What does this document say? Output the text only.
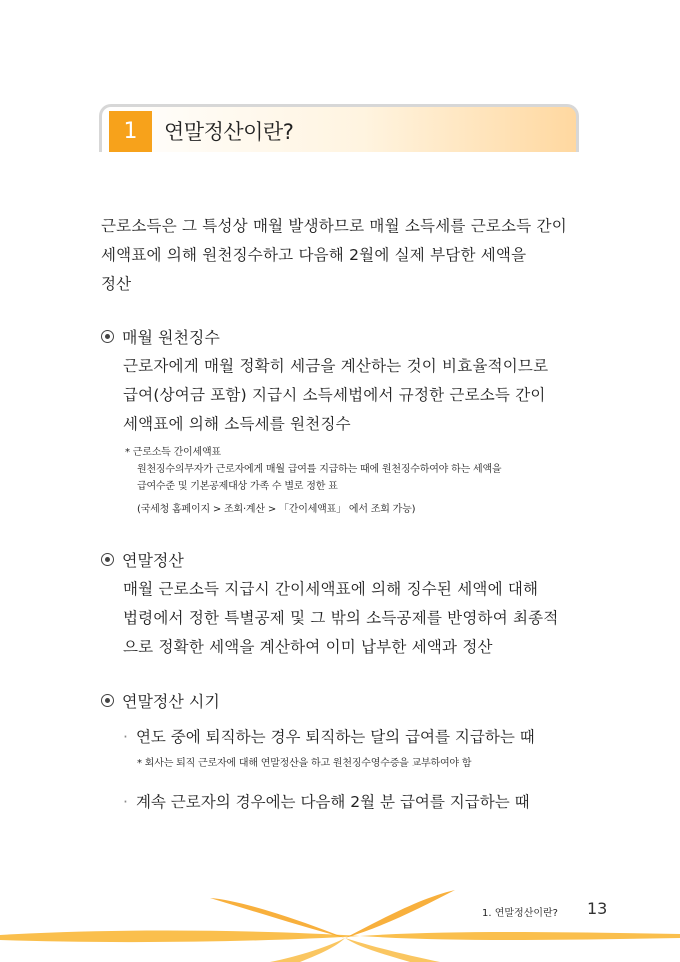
1	연말정산이란?

근로소득은 그 특성상 매월 발생하므로 매월 소득세를 근로소득 간이

세액표에 의해 원천징수하고 다음해 2월에 실제 부담한 세액을

정산

매월 원천징수

근로자에게 매월 정확히 세금을 계산하는 것이 비효율적이므로

급여(상여금 포함) 지급시 소득세법에서 규정한 근로소득 간이

세액표에 의해 소득세를 원천징수

* 근로소득 간이세액표

원천징수의무자가 근로자에게 매월 급여를 지급하는 때에 원천징수하여야 하는 세액을

급여수준 및 기본공제대상 가족 수 별로 정한 표

(국세청 홈페이지 > 조회·계산 > 「간이세액표」 에서 조회 가능)

연말정산

매월 근로소득 지급시 간이세액표에 의해 징수된 세액에 대해

법령에서 정한 특별공제 및 그 밖의 소득공제를 반영하여 최종적

으로 정확한 세액을 계산하여 이미 납부한 세액과 정산

연말정산 시기
· 연도 중에 퇴직하는 경우 퇴직하는 달의 급여를 지급하는 때

* 회사는 퇴직 근로자에 대해 연말정산을 하고 원천징수영수증을 교부하여야 함

· 계속 근로자의 경우에는 다음해 2월 분 급여를 지급하는 때
1. 연말정산이란? 13
